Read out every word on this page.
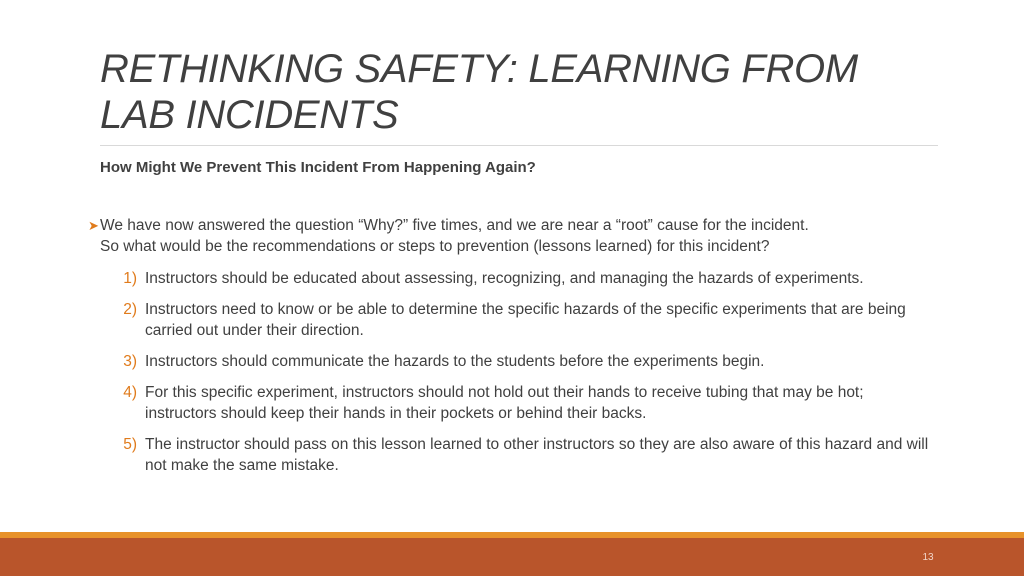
RETHINKING SAFETY: LEARNING FROM LAB INCIDENTS
How Might We Prevent This Incident From Happening Again?
➤We have now answered the question “Why?” five times, and we are near a “root” cause for the incident.
So what would be the recommendations or steps to prevention (lessons learned) for this incident?
1) Instructors should be educated about assessing, recognizing, and managing the hazards of experiments.
2) Instructors need to know or be able to determine the specific hazards of the specific experiments that are being carried out under their direction.
3) Instructors should communicate the hazards to the students before the experiments begin.
4) For this specific experiment, instructors should not hold out their hands to receive tubing that may be hot; instructors should keep their hands in their pockets or behind their backs.
5) The instructor should pass on this lesson learned to other instructors so they are also aware of this hazard and will not make the same mistake.
13
